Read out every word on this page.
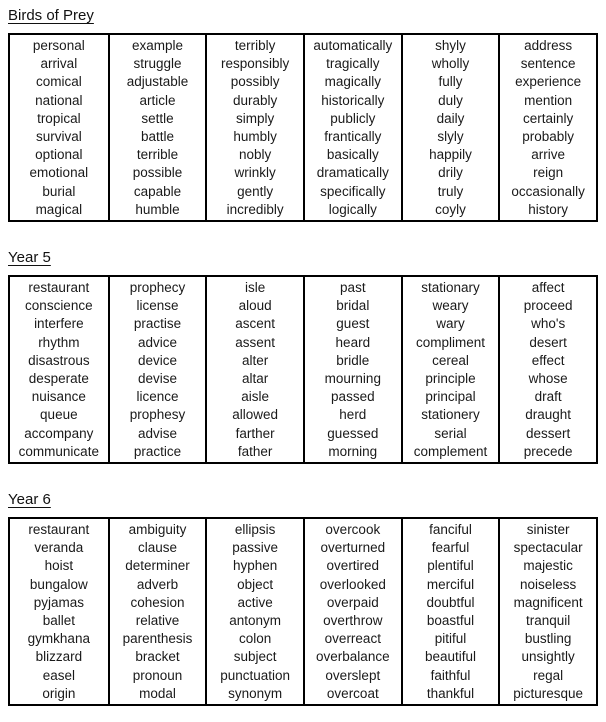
Birds of Prey
personal
arrival
comical
national
tropical
survival
optional
emotional
burial
magical
example
struggle
adjustable
article
settle
battle
terrible
possible
capable
humble
terribly
responsibly
possibly
durably
simply
humbly
nobly
wrinkly
gently
incredibly
automatically
tragically
magically
historically
publicly
frantically
basically
dramatically
specifically
logically
shyly
wholly
fully
duly
daily
slyly
happily
drily
truly
coyly
address
sentence
experience
mention
certainly
probably
arrive
reign
occasionally
history
Year 5
restaurant
conscience
interfere
rhythm
disastrous
desperate
nuisance
queue
accompany
communicate
prophecy
license
practise
advice
device
devise
licence
prophesy
advise
practice
isle
aloud
ascent
assent
alter
altar
aisle
allowed
farther
father
past
bridal
guest
heard
bridle
mourning
passed
herd
guessed
morning
stationary
weary
wary
compliment
cereal
principle
principal
stationery
serial
complement
affect
proceed
who's
desert
effect
whose
draft
draught
dessert
precede
Year 6
restaurant
veranda
hoist
bungalow
pyjamas
ballet
gymkhana
blizzard
easel
origin
ambiguity
clause
determiner
adverb
cohesion
relative
parenthesis
bracket
pronoun
modal
ellipsis
passive
hyphen
object
active
antonym
colon
subject
punctuation
synonym
overcook
overturned
overtired
overlooked
overpaid
overthrow
overreact
overbalance
overslept
overcoat
fanciful
fearful
plentiful
merciful
doubtful
boastful
pitiful
beautiful
faithful
thankful
sinister
spectacular
majestic
noiseless
magnificent
tranquil
bustling
unsightly
regal
picturesque
